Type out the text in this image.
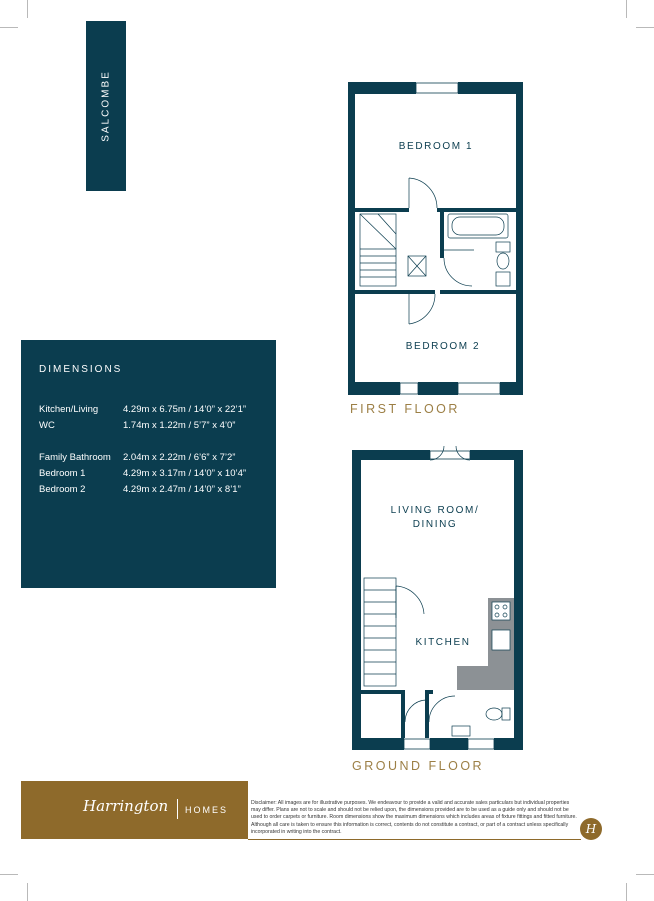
SALCOMBE
DIMENSIONS
Kitchen/Living	4.29m x 6.75m / 14’0” x 22’1”
WC	1.74m x 1.22m / 5’7” x 4’0”
Family Bathroom 2.04m x 2.22m / 6’6” x 7’2”
Bedroom 1	4.29m x 3.17m / 14’0” x 10’4”
Bedroom 2	4.29m x 2.47m / 14’0” x 8’1”
BEDROOM 1
BEDROOM 2
FIRST FLOOR
LIVING ROOM/
DINING
KITCHEN
GROUND FLOOR
Harrington HOMES
Disclaimer: All images are for illustrative purposes. We endeavour to provide a valid and accurate sales particulars but individual properties may differ. Plans are not to scale and should not be relied upon, the dimensions provided are to be used as a guide only and should not be used to order carpets or furniture. Room dimensions show the maximum dimensions which includes areas of fixture fittings and fitted furniture. Although all care is taken to ensure this information is correct, contents do not constitute a contract, or part of a contract unless specifically incorporated in writing into the contract.	H
